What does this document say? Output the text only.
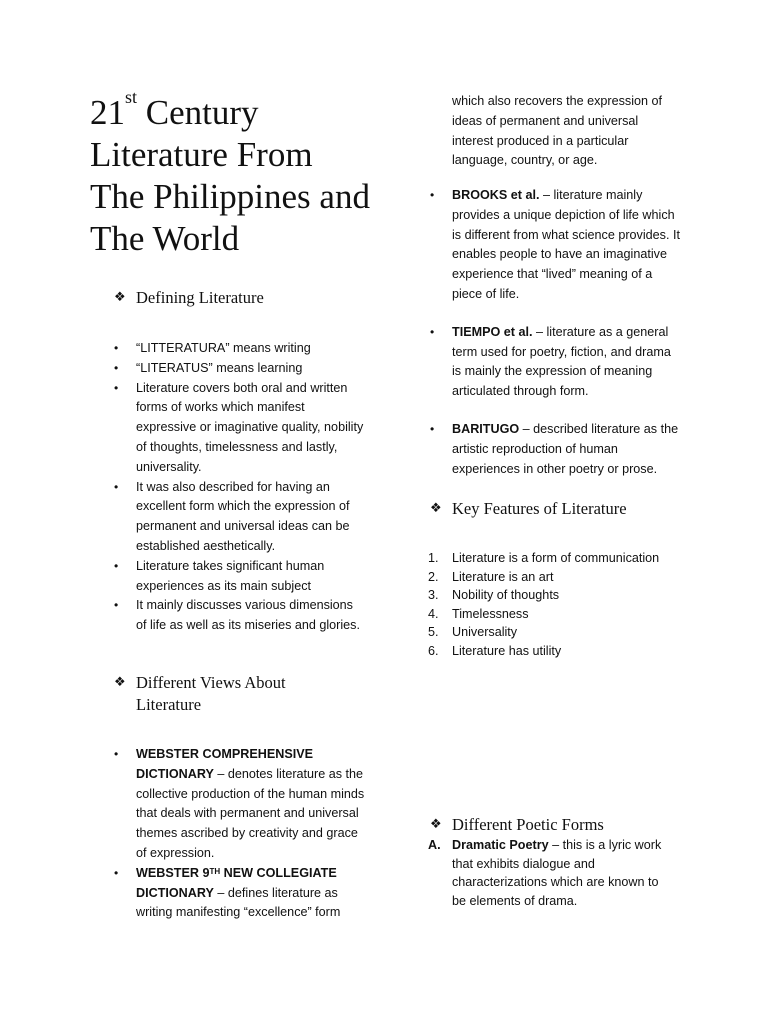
21st Century
Literature From
The Philippines and
The World
❖ Defining Literature
• “LITTERATURA” means writing
• “LITERATUS” means learning
• Literature covers both oral and written forms of works which manifest expressive or imaginative quality, nobility of thoughts, timelessness and lastly, universality.
• It was also described for having an excellent form which the expression of permanent and universal ideas can be established aesthetically.
• Literature takes significant human experiences as its main subject
• It mainly discusses various dimensions of life as well as its miseries and glories.
❖ Different Views About
Literature
• WEBSTER COMPREHENSIVE DICTIONARY – denotes literature as the collective production of the human minds that deals with permanent and universal themes ascribed by creativity and grace of expression.
• WEBSTER 9TH NEW COLLEGIATE DICTIONARY – defines literature as writing manifesting “excellence” form
which also recovers the expression of ideas of permanent and universal interest produced in a particular language, country, or age.
• BROOKS et al. – literature mainly provides a unique depiction of life which is different from what science provides. It enables people to have an imaginative experience that “lived” meaning of a piece of life.
• TIEMPO et al. – literature as a general term used for poetry, fiction, and drama is mainly the expression of meaning articulated through form.
• BARITUGO – described literature as the artistic reproduction of human experiences in other poetry or prose.
❖ Key Features of Literature
1. Literature is a form of communication
2. Literature is an art
3. Nobility of thoughts
4. Timelessness
5. Universality
6. Literature has utility
❖ Different Poetic Forms
A. Dramatic Poetry – this is a lyric work that exhibits dialogue and characterizations which are known to be elements of drama.
